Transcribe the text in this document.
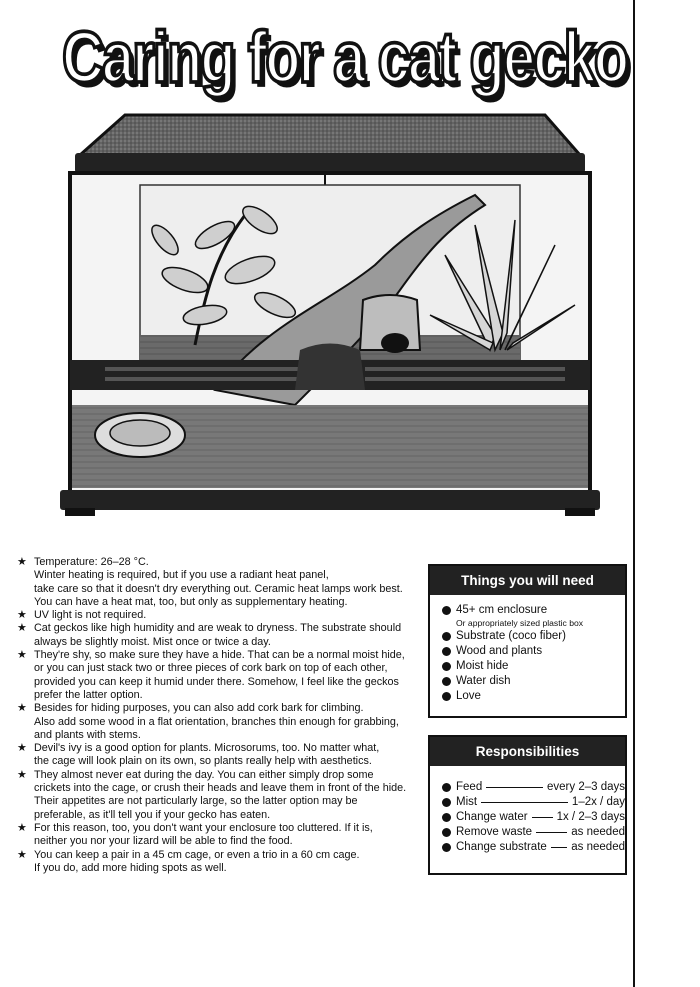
Caring for a cat gecko

★ Temperature: 26–28 °C.
Winter heating is required, but if you use a radiant heat panel,
take care so that it doesn't dry everything out. Ceramic heat lamps work best.
You can have a heat mat, too, but only as supplementary heating.

★ UV light is not required.

★ Cat geckos like high humidity and are weak to dryness. The substrate should
always be slightly moist. Mist once or twice a day.

★ They're shy, so make sure they have a hide. That can be a normal moist hide,
or you can just stack two or three pieces of cork bark on top of each other,
provided you can keep it humid under there. Somehow, I feel like the geckos
prefer the latter option.

★ Besides for hiding purposes, you can also add cork bark for climbing.
Also add some wood in a flat orientation, branches thin enough for grabbing,
and plants with stems.

★ Devil's ivy is a good option for plants. Microsorums, too. No matter what,
the cage will look plain on its own, so plants really help with aesthetics.

★ They almost never eat during the day. You can either simply drop some
crickets into the cage, or crush their heads and leave them in front of the hide.
Their appetites are not particularly large, so the latter option may be
preferable, as it'll tell you if your gecko has eaten.

★ For this reason, too, you don't want your enclosure too cluttered. If it is,
neither you nor your lizard will be able to find the food.

★ You can keep a pair in a 45 cm cage, or even a trio in a 60 cm cage.
If you do, add more hiding spots as well.

Things you will need
45+ cm enclosure
Or appropriately sized plastic box
Substrate (coco fiber)
Wood and plants
Moist hide
Water dish
Love
Responsibilities
Feed	every 2–3 days
Mist	1–2x / day
Change water	1x / 2–3 days
Remove waste	as needed
Change substrate as needed
